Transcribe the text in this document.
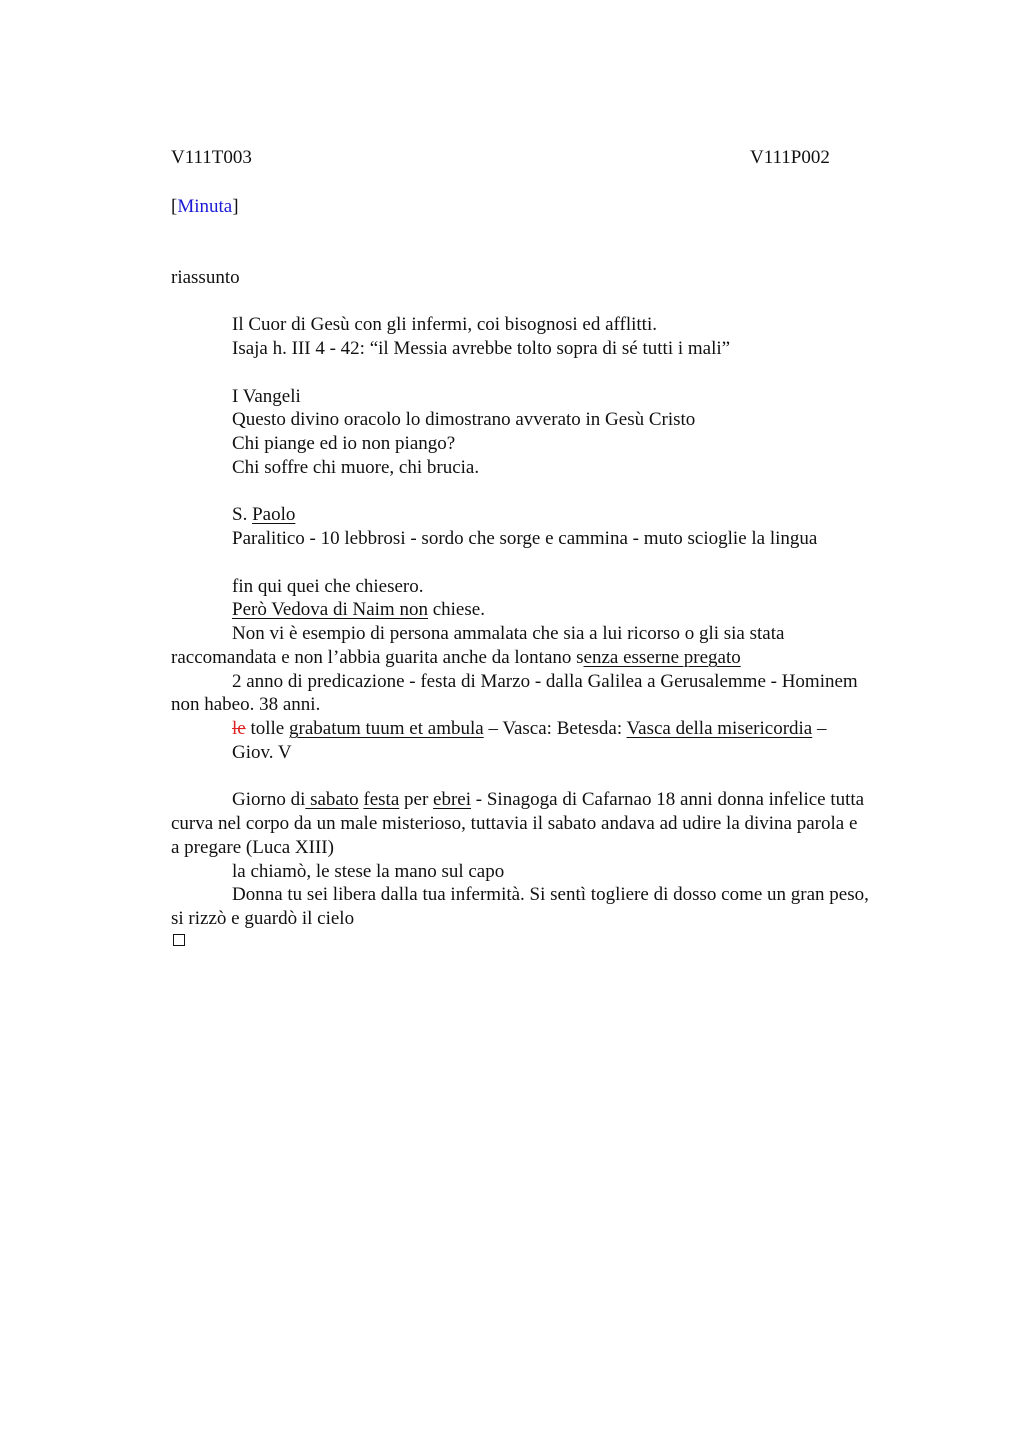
V111T003	V111P002
[Minuta]
riassunto
Il Cuor di Gesù con gli infermi, coi bisognosi ed afflitti.
Isaja h. III 4 - 42: “il Messia avrebbe tolto sopra di sé tutti i mali”
I Vangeli
Questo divino oracolo lo dimostrano avverato in Gesù Cristo
Chi piange ed io non piango?
Chi soffre chi muore, chi brucia.
S. Paolo
Paralitico - 10 lebbrosi - sordo che sorge e cammina - muto scioglie la lingua
fin qui quei che chiesero.
Però Vedova di Naim non chiese.
Non vi è esempio di persona ammalata che sia a lui ricorso o gli sia stata
raccomandata e non l’abbia guarita anche da lontano senza esserne pregato
2 anno di predicazione - festa di Marzo - dalla Galilea a Gerusalemme - Hominem
non habeo. 38 anni.
le tolle grabatum tuum et ambula – Vasca: Betesda: Vasca della misericordia –
Giov. V
Giorno di sabato festa per ebrei - Sinagoga di Cafarnao 18 anni donna infelice tutta
curva nel corpo da un male misterioso, tuttavia il sabato andava ad udire la divina parola e
a pregare (Luca XIII)
la chiamò, le stese la mano sul capo
Donna tu sei libera dalla tua infermità. Si sentì togliere di dosso come un gran peso,
si rizzò e guardò il cielo
